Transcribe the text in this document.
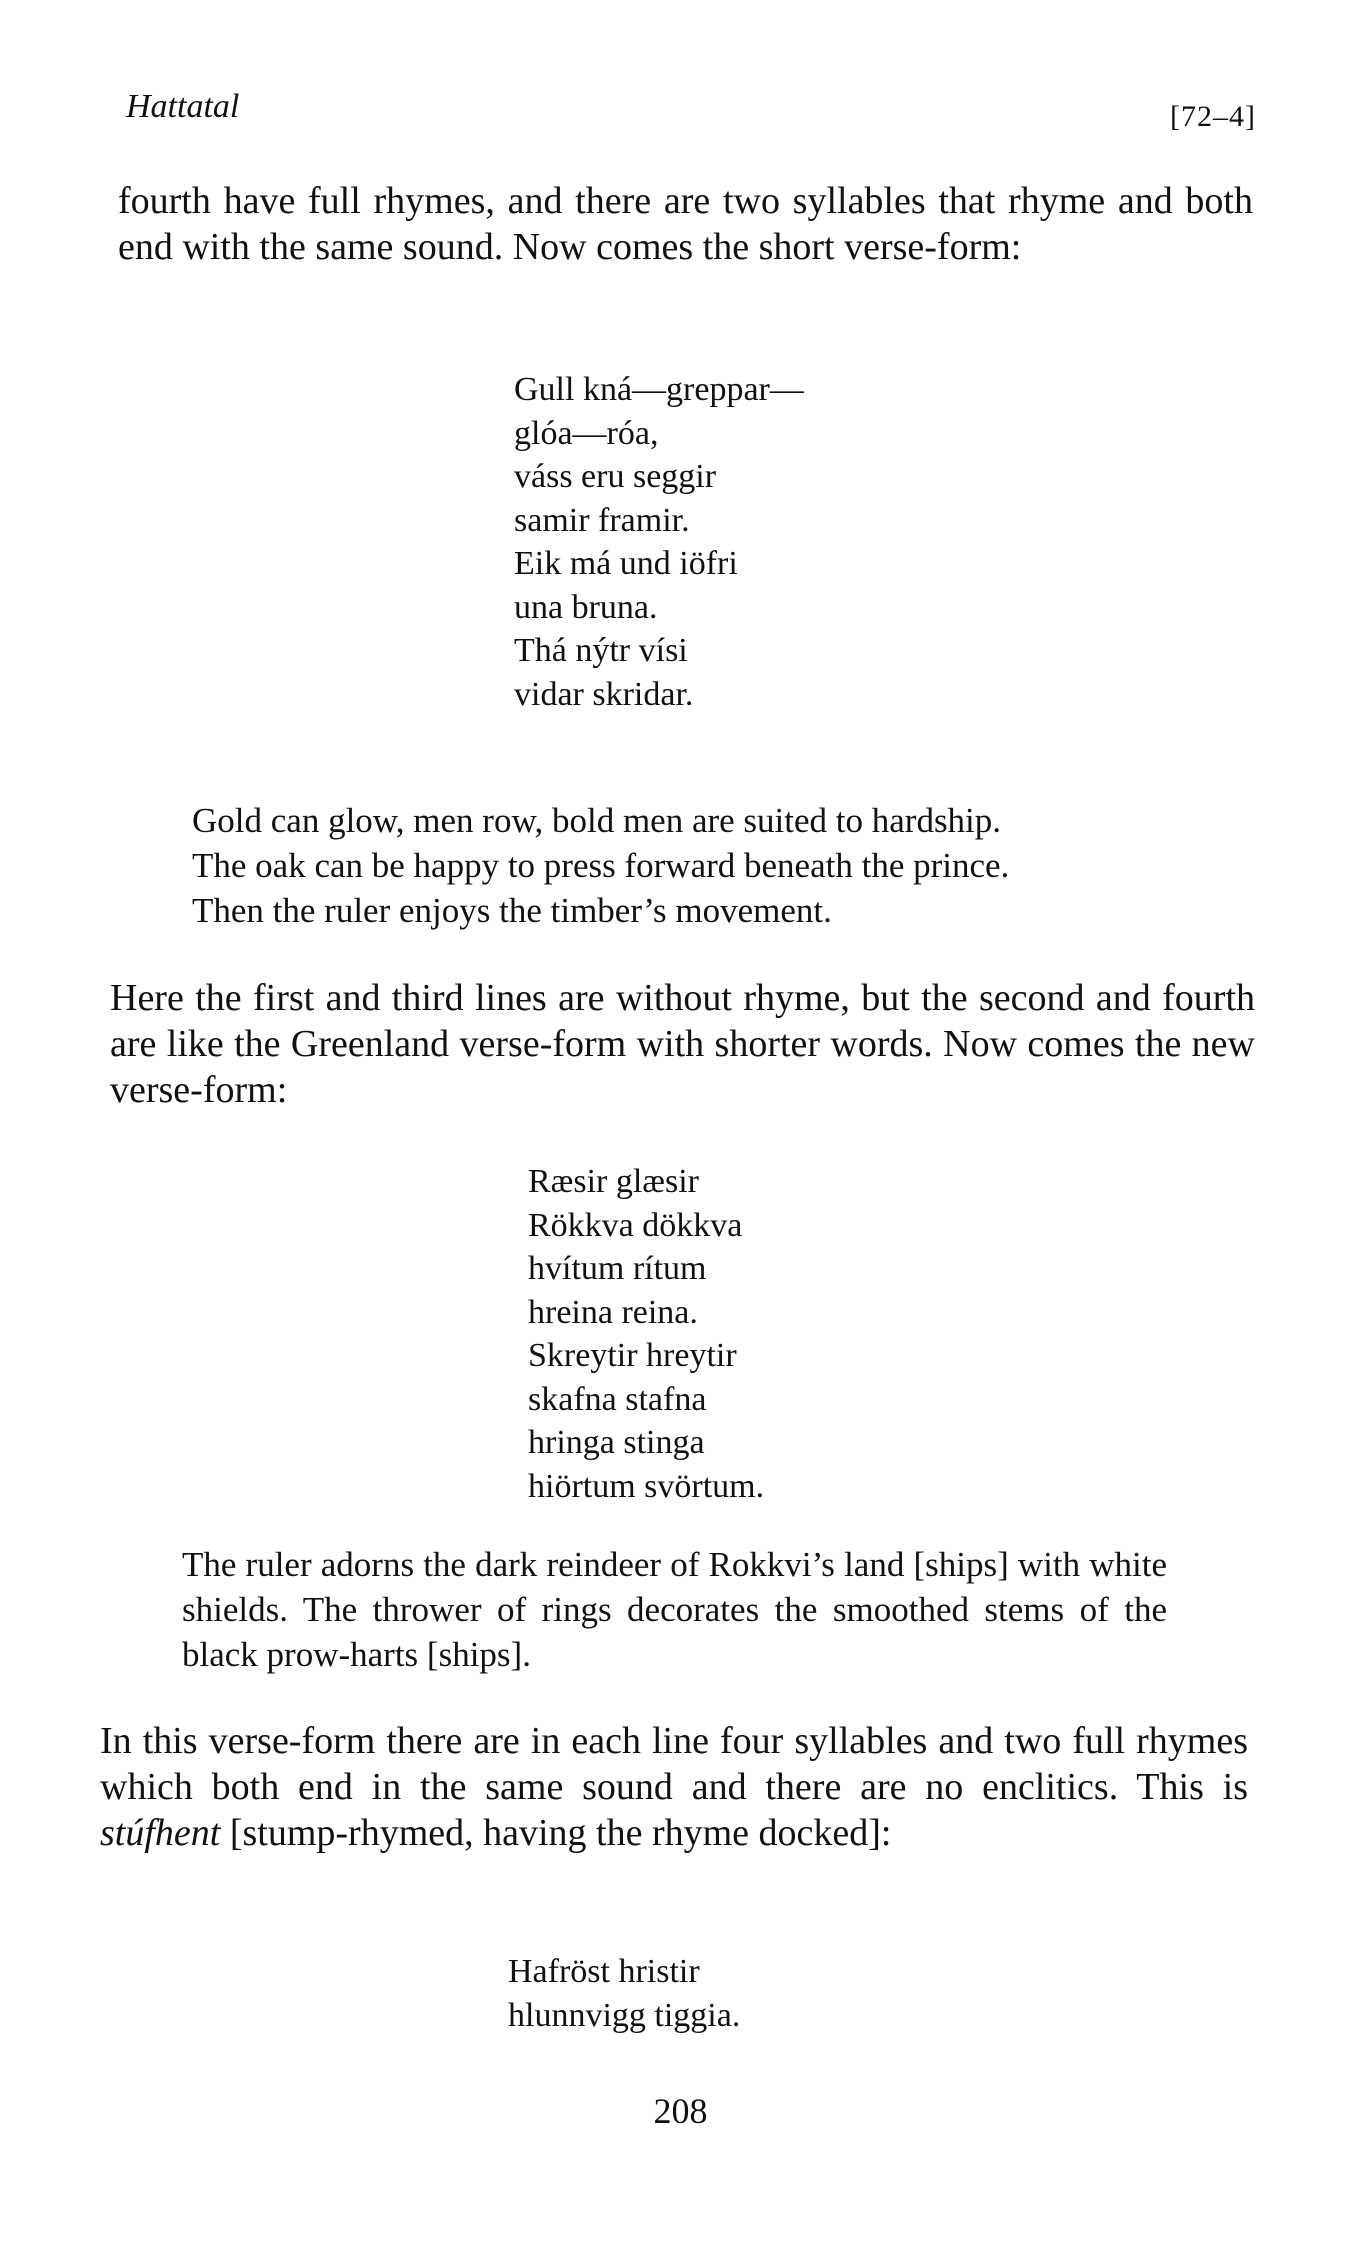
Hattatal	[72–4]

fourth have full rhymes, and there are two syllables that rhyme and both end with the same sound. Now comes the short verse-form:

Gull kná—greppar—
glóa—róa,
váss eru seggir
samir framir.
Eik má und iöfri
una bruna.
Thá nýtr vísi
vidar skridar.
Gold can glow, men row, bold men are suited to hardship.
The oak can be happy to press forward beneath the prince.
Then the ruler enjoys the timber’s movement.

Here the first and third lines are without rhyme, but the second and fourth are like the Greenland verse-form with shorter words. Now comes the new verse-form:

Ræsir glæsir
Rökkva dökkva
hvítum rítum
hreina reina.
Skreytir hreytir
skafna stafna
hringa stinga
hiörtum svörtum.

The ruler adorns the dark reindeer of Rokkvi’s land [ships] with white shields. The thrower of rings decorates the smoothed stems of the black prow-harts [ships].

In this verse-form there are in each line four syllables and two full rhymes which both end in the same sound and there are no enclitics. This is stúfhent [stump-rhymed, having the rhyme docked]:

Hafröst hristir
hlunnvigg tiggia.
208
